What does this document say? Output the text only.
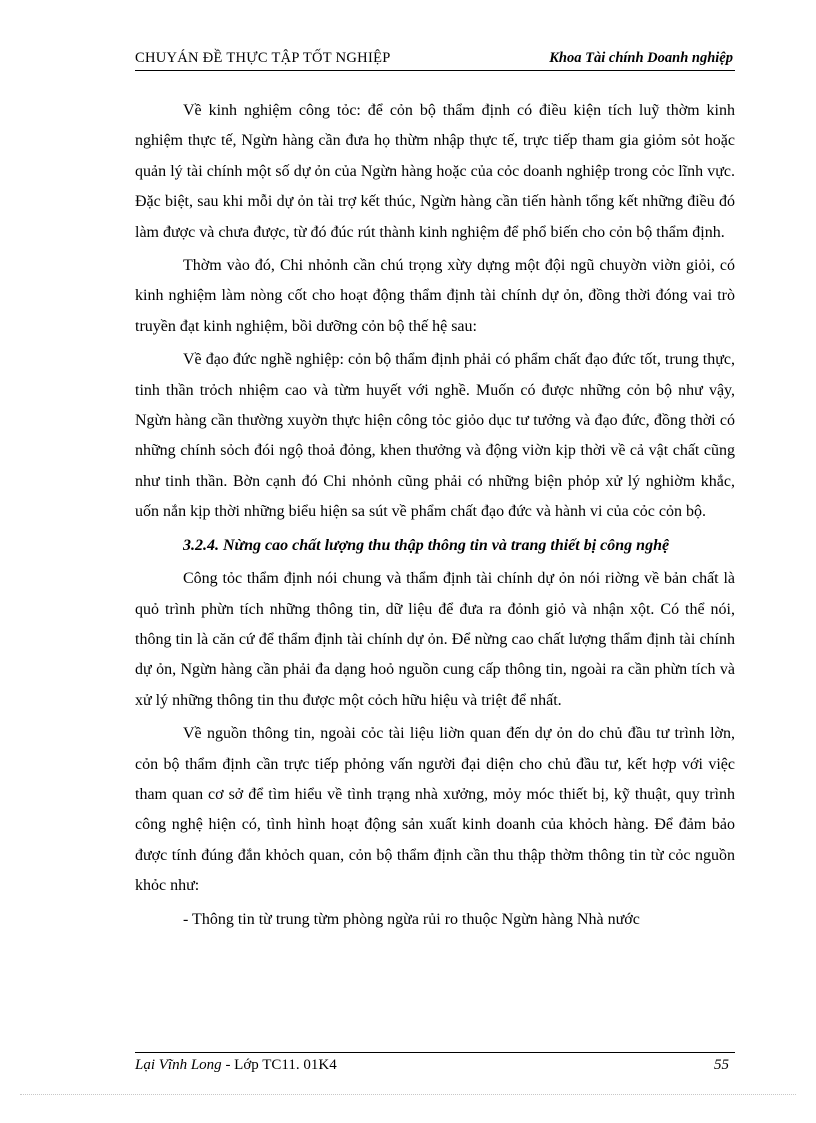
CHUYÁN ĐỀ THỰC TẬP TỐT NGHIỆP	Khoa Tài chính Doanh nghiệp

Về kinh nghiệm công tỏc: để cỏn bộ thẩm định có điều kiện tích luỹ thờm kinh nghiệm thực tế, Ngừn hàng cần đưa họ thừm nhập thực tế, trực tiếp tham gia giỏm sỏt hoặc quản lý tài chính một số dự ỏn của Ngừn hàng hoặc của cỏc doanh nghiệp trong cỏc lĩnh vực. Đặc biệt, sau khi mỗi dự ỏn tài trợ kết thúc, Ngừn hàng cần tiến hành tổng kết những điều đó làm được và chưa được, từ đó đúc rút thành kinh nghiệm để phổ biến cho cỏn bộ thẩm định.

Thờm vào đó, Chi nhỏnh cần chú trọng xừy dựng một đội ngũ chuyờn viờn giỏi, có kinh nghiệm làm nòng cốt cho hoạt động thẩm định tài chính dự ỏn, đồng thời đóng vai trò truyền đạt kinh nghiệm, bồi dưỡng cỏn bộ thế hệ sau:

Về đạo đức nghề nghiệp: cỏn bộ thẩm định phải có phẩm chất đạo đức tốt, trung thực, tinh thần trỏch nhiệm cao và từm huyết với nghề. Muốn có được những cỏn bộ như vậy, Ngừn hàng cần thường xuyờn thực hiện công tỏc giỏo dục tư tưởng và đạo đức, đồng thời có những chính sỏch đói ngộ thoả đỏng, khen thưởng và động viờn kịp thời về cả vật chất cũng như tinh thần. Bờn cạnh đó Chi nhỏnh cũng phải có những biện phỏp xử lý nghiờm khắc, uốn nắn kịp thời những biểu hiện sa sút về phẩm chất đạo đức và hành vi của cỏc cỏn bộ.

3.2.4. Nừng cao chất lượng thu thập thông tin và trang thiết bị công nghệ

Công tỏc thẩm định nói chung và thẩm định tài chính dự ỏn nói riờng về bản chất là quỏ trình phừn tích những thông tin, dữ liệu để đưa ra đỏnh giỏ và nhận xột. Có thể nói, thông tin là căn cứ để thẩm định tài chính dự ỏn. Để nừng cao chất lượng thẩm định tài chính dự ỏn, Ngừn hàng cần phải đa dạng hoỏ nguồn cung cấp thông tin, ngoài ra cần phừn tích và xử lý những thông tin thu được một cỏch hữu hiệu và triệt để nhất.

Về nguồn thông tin, ngoài cỏc tài liệu liờn quan đến dự ỏn do chủ đầu tư trình lờn, cỏn bộ thẩm định cần trực tiếp phỏng vấn người đại diện cho chủ đầu tư, kết hợp với việc tham quan cơ sở để tìm hiểu về tình trạng nhà xưởng, mỏy móc thiết bị, kỹ thuật, quy trình công nghệ hiện có, tình hình hoạt động sản xuất kinh doanh của khỏch hàng. Để đảm bảo được tính đúng đắn khỏch quan, cỏn bộ thẩm định cần thu thập thờm thông tin từ cỏc nguồn khỏc như:

- Thông tin từ trung từm phòng ngừa rủi ro thuộc Ngừn hàng Nhà nước

Lại Vĩnh Long - Lớp TC11. 01K4	55
